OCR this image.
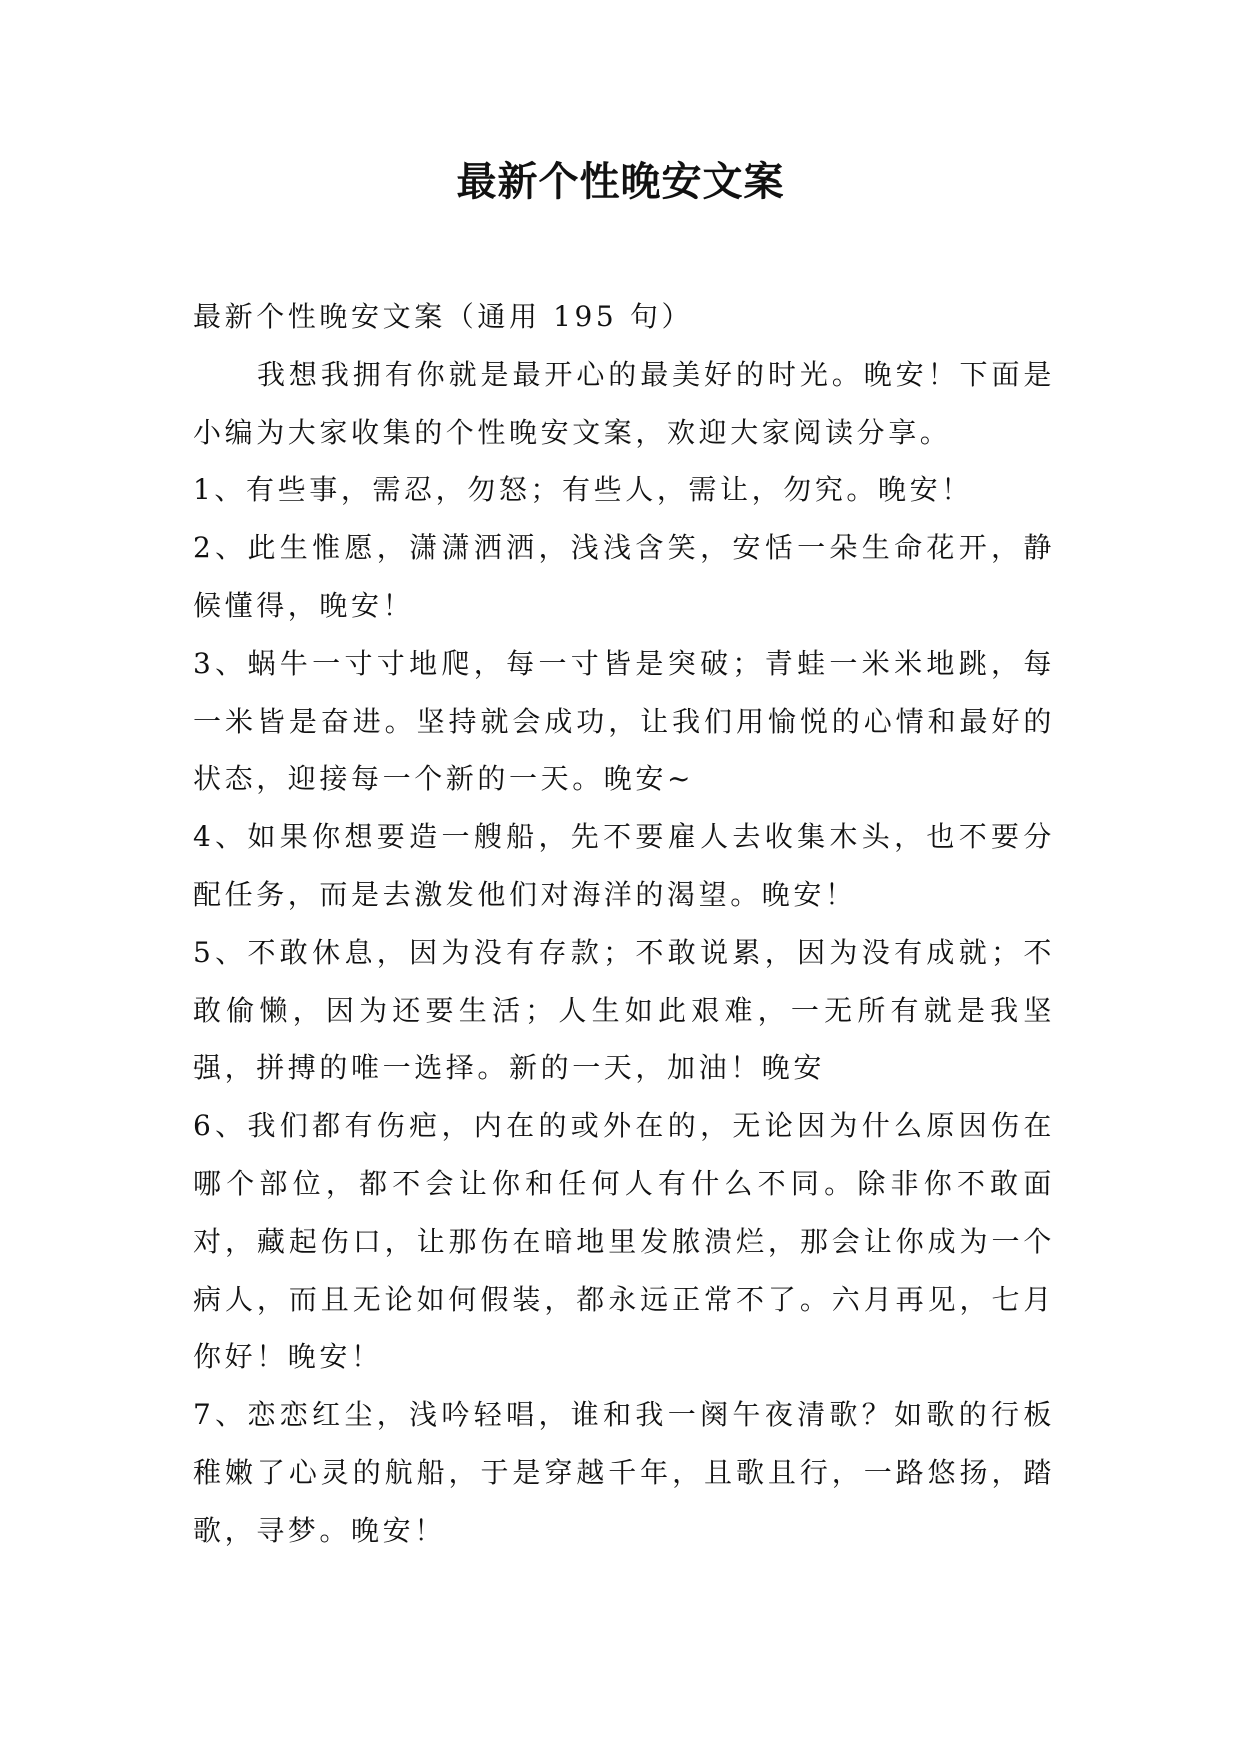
最新个性晚安文案

最新个性晚安文案（通用 195 句）

我想我拥有你就是最开心的最美好的时光。晚安！下面是小编为大家收集的个性晚安文案，欢迎大家阅读分享。

1、有些事，需忍，勿怒；有些人，需让，勿究。晚安！

2、此生惟愿，潇潇洒洒，浅浅含笑，安恬一朵生命花开，静候懂得，晚安！

3、蜗牛一寸寸地爬，每一寸皆是突破；青蛙一米米地跳，每一米皆是奋进。坚持就会成功，让我们用愉悦的心情和最好的状态，迎接每一个新的一天。晚安~

4、如果你想要造一艘船，先不要雇人去收集木头，也不要分配任务，而是去激发他们对海洋的渴望。晚安！

5、不敢休息，因为没有存款；不敢说累，因为没有成就；不敢偷懒，因为还要生活；人生如此艰难，一无所有就是我坚强，拼搏的唯一选择。新的一天，加油！晚安

6、我们都有伤疤，内在的或外在的，无论因为什么原因伤在哪个部位，都不会让你和任何人有什么不同。除非你不敢面对，藏起伤口，让那伤在暗地里发脓溃烂，那会让你成为一个病人，而且无论如何假装，都永远正常不了。六月再见，七月你好！晚安！

7、恋恋红尘，浅吟轻唱，谁和我一阕午夜清歌？如歌的行板稚嫩了心灵的航船，于是穿越千年，且歌且行，一路悠扬，踏歌，寻梦。晚安！
